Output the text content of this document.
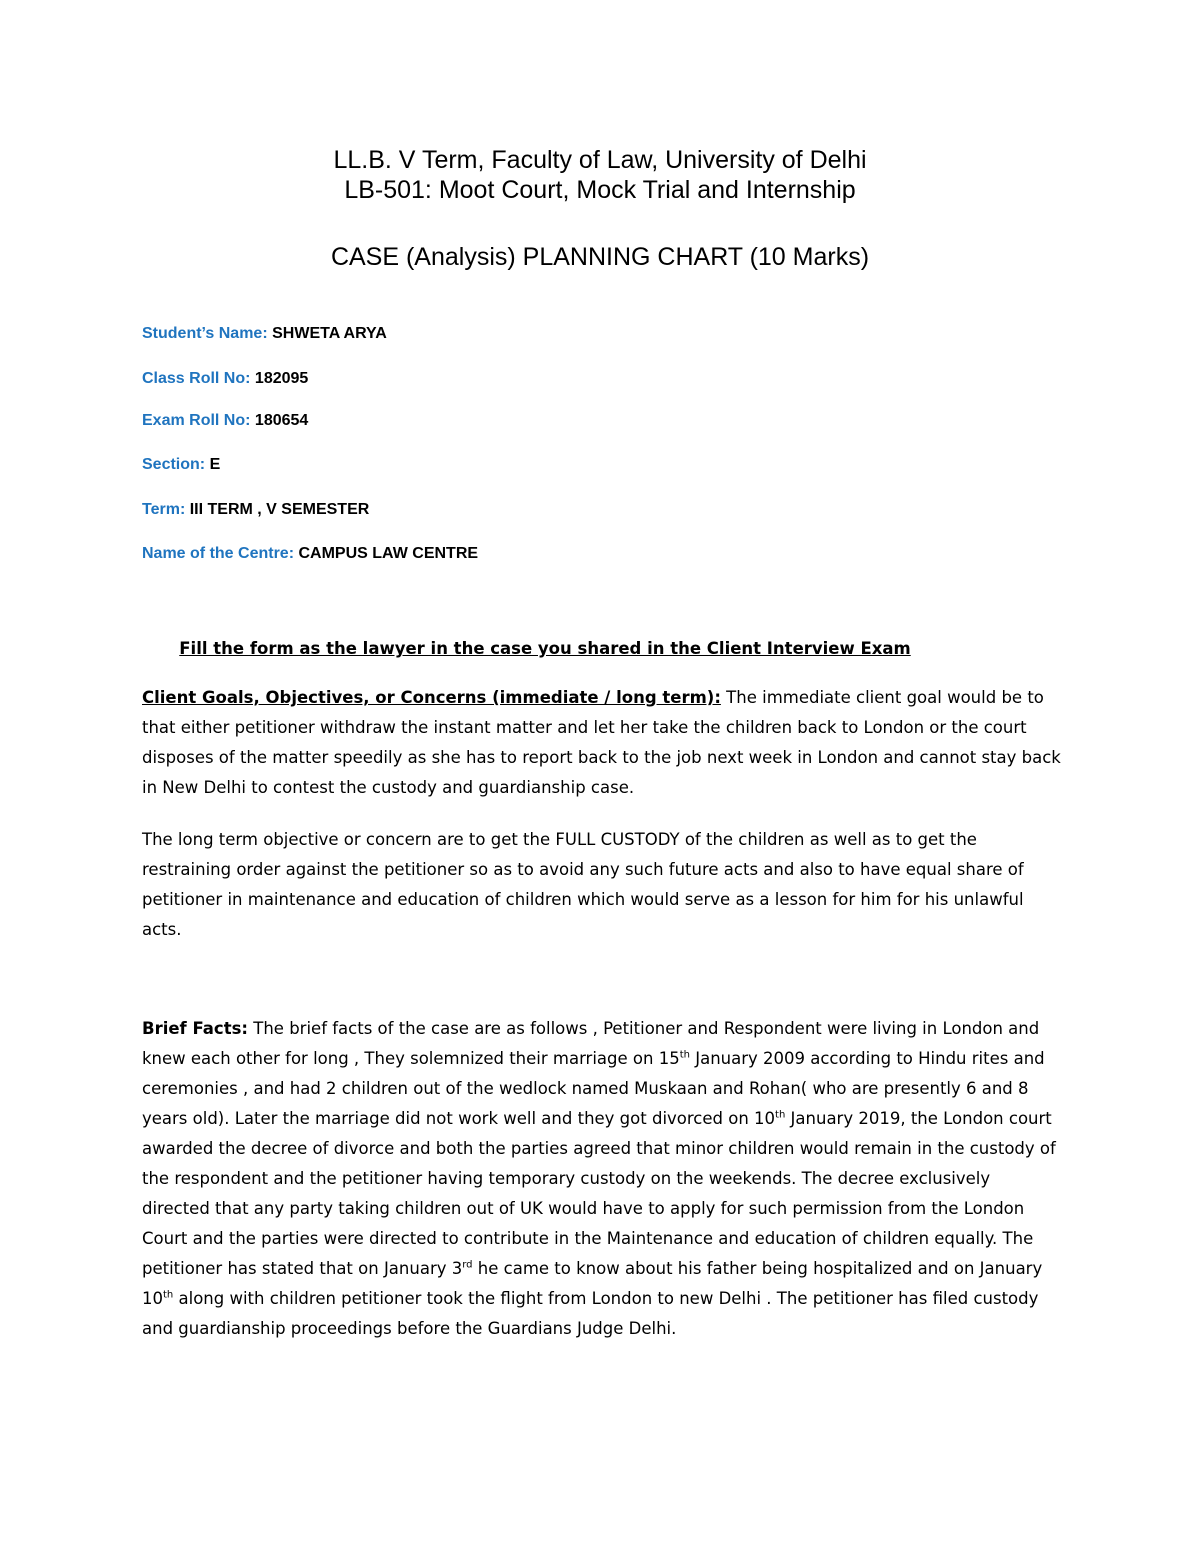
LL.B. V Term, Faculty of Law, University of Delhi
LB-501: Moot Court, Mock Trial and Internship
CASE (Analysis) PLANNING CHART (10 Marks)
Student’s Name: SHWETA ARYA
Class Roll No: 182095
Exam Roll No: 180654
Section: E
Term: III TERM , V SEMESTER
Name of the Centre: CAMPUS LAW CENTRE
Fill the form as the lawyer in the case you shared in the Client Interview Exam

Client Goals, Objectives, or Concerns (immediate / long term): The immediate client goal would be to that either petitioner withdraw the instant matter and let her take the children back to London or the court disposes of the matter speedily as she has to report back to the job next week in London and cannot stay back in New Delhi to contest the custody and guardianship case.

The long term objective or concern are to get the FULL CUSTODY of the children as well as to get the restraining order against the petitioner so as to avoid any such future acts and also to have equal share of petitioner in maintenance and education of children which would serve as a lesson for him for his unlawful acts.

Brief Facts: The brief facts of the case are as follows , Petitioner and Respondent were living in London and knew each other for long , They solemnized their marriage on 15th January 2009 according to Hindu rites and ceremonies , and had 2 children out of the wedlock named Muskaan and Rohan( who are presently 6 and 8 years old). Later the marriage did not work well and they got divorced on 10th January 2019, the London court awarded the decree of divorce and both the parties agreed that minor children would remain in the custody of the respondent and the petitioner having temporary custody on the weekends. The decree exclusively directed that any party taking children out of UK would have to apply for such permission from the London Court and the parties were directed to contribute in the Maintenance and education of children equally. The petitioner has stated that on January 3rd he came to know about his father being hospitalized and on January 10th along with children petitioner took the flight from London to new Delhi . The petitioner has filed custody and guardianship proceedings before the Guardians Judge Delhi.
